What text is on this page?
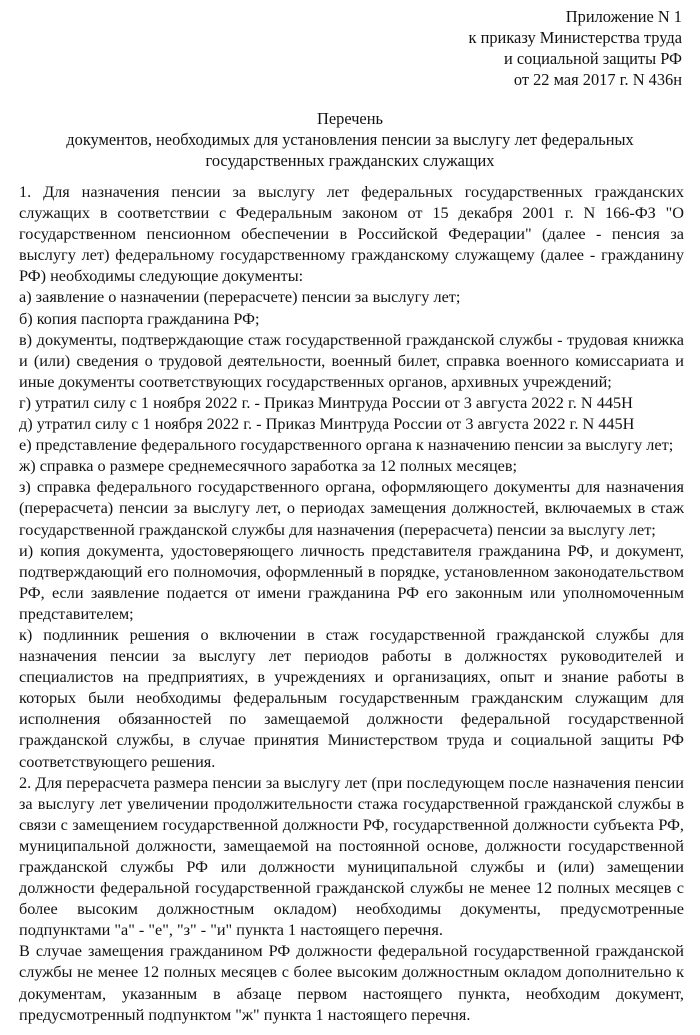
Приложение N 1
к приказу Министерства труда
и социальной защиты РФ
от 22 мая 2017 г. N 436н
Перечень
документов, необходимых для установления пенсии за выслугу лет федеральных
государственных гражданских служащих

1. Для назначения пенсии за выслугу лет федеральных государственных гражданских служащих в соответствии с Федеральным законом от 15 декабря 2001 г. N 166-ФЗ "О государственном пенсионном обеспечении в Российской Федерации" (далее - пенсия за выслугу лет) федеральному государственному гражданскому служащему (далее - гражданину РФ) необходимы следующие документы:

а) заявление о назначении (перерасчете) пенсии за выслугу лет;

б) копия паспорта гражданина РФ;

в) документы, подтверждающие стаж государственной гражданской службы - трудовая книжка и (или) сведения о трудовой деятельности, военный билет, справка военного комиссариата и иные документы соответствующих государственных органов, архивных учреждений;

г) утратил силу с 1 ноября 2022 г. - Приказ Минтруда России от 3 августа 2022 г. N 445Н

д) утратил силу с 1 ноября 2022 г. - Приказ Минтруда России от 3 августа 2022 г. N 445Н

е) представление федерального государственного органа к назначению пенсии за выслугу лет;

ж) справка о размере среднемесячного заработка за 12 полных месяцев;

з) справка федерального государственного органа, оформляющего документы для назначения (перерасчета) пенсии за выслугу лет, о периодах замещения должностей, включаемых в стаж государственной гражданской службы для назначения (перерасчета) пенсии за выслугу лет;

и) копия документа, удостоверяющего личность представителя гражданина РФ, и документ, подтверждающий его полномочия, оформленный в порядке, установленном законодательством РФ, если заявление подается от имени гражданина РФ его законным или уполномоченным представителем;

к) подлинник решения о включении в стаж государственной гражданской службы для назначения пенсии за выслугу лет периодов работы в должностях руководителей и специалистов на предприятиях, в учреждениях и организациях, опыт и знание работы в которых были необходимы федеральным государственным гражданским служащим для исполнения обязанностей по замещаемой должности федеральной государственной гражданской службы, в случае принятия Министерством труда и социальной защиты РФ соответствующего решения.

2. Для перерасчета размера пенсии за выслугу лет (при последующем после назначения пенсии за выслугу лет увеличении продолжительности стажа государственной гражданской службы в связи с замещением государственной должности РФ, государственной должности субъекта РФ, муниципальной должности, замещаемой на постоянной основе, должности государственной гражданской службы РФ или должности муниципальной службы и (или) замещении должности федеральной государственной гражданской службы не менее 12 полных месяцев с более высоким должностным окладом) необходимы документы, предусмотренные подпунктами "а" - "е", "з" - "и" пункта 1 настоящего перечня.

В случае замещения гражданином РФ должности федеральной государственной гражданской службы не менее 12 полных месяцев с более высоким должностным окладом дополнительно к документам, указанным в абзаце первом настоящего пункта, необходим документ, предусмотренный подпунктом "ж" пункта 1 настоящего перечня.
